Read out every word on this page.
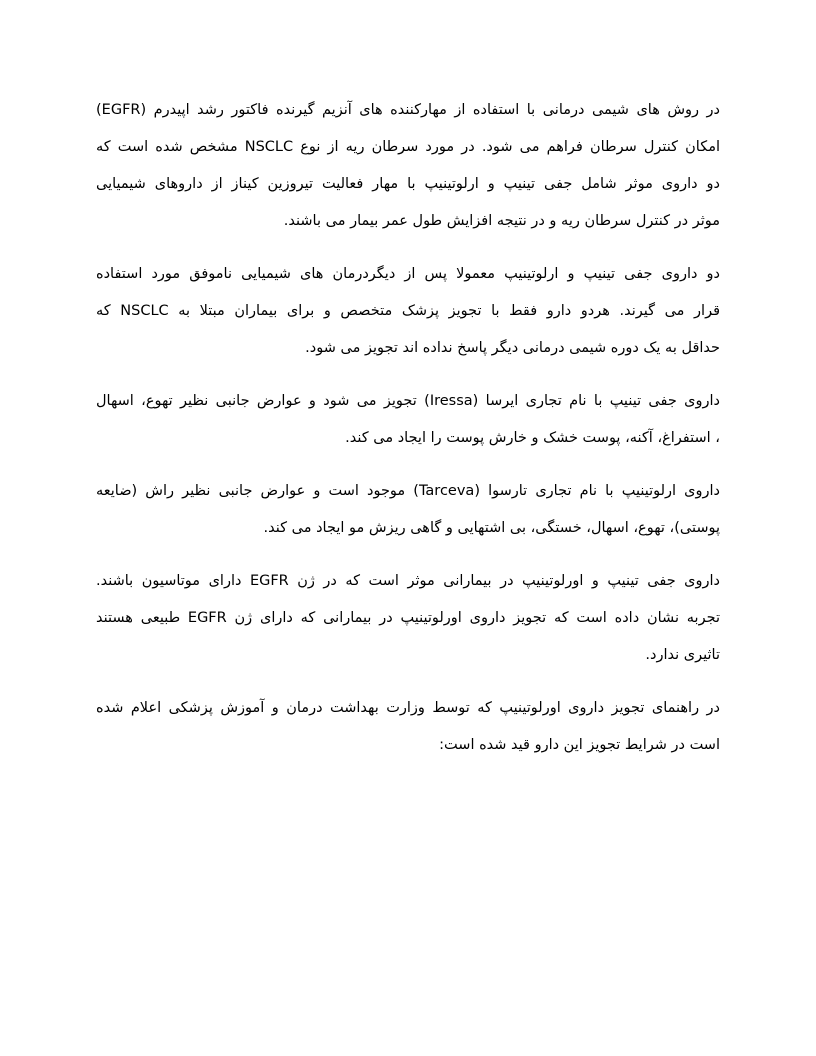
در روش های شیمی درمانی با استفاده از مهارکننده های آنزیم گیرنده فاکتور رشد اپیدرم (EGFR)
امکان کنترل سرطان فراهم می شود. در مورد سرطان ریه از نوع NSCLC مشخص شده است که
دو داروی موثر شامل جفی تینیپ و ارلوتینیپ با مهار فعالیت تیروزین کیناز از داروهای شیمیایی
موثر در کنترل سرطان ریه و در نتیجه افزایش طول عمر بیمار می باشند.

دو داروی جفی تینیپ و ارلوتینیپ معمولا پس از دیگردرمان های شیمیایی ناموفق مورد استفاده
قرار می گیرند. هردو دارو فقط با تجویز پزشک متخصص و برای بیماران مبتلا به NSCLC که
حداقل به یک دوره شیمی درمانی دیگر پاسخ نداده اند تجویز می شود.

داروی جفی تینیپ با نام تجاری ایرسا (Iressa) تجویز می شود و عوارض جانبی نظیر تهوع، اسهال
، استفراغ، آکنه، پوست خشک و خارش پوست را ایجاد می کند.

داروی ارلوتینیپ با نام تجاری تارسوا (Tarceva) موجود است و عوارض جانبی نظیر راش (ضایعه
پوستی)، تهوع، اسهال، خستگی، بی اشتهایی و گاهی ریزش مو ایجاد می کند.

داروی جفی تینیپ و اورلوتینیپ در بیمارانی موثر است که در ژن EGFR دارای موتاسیون باشند.
تجربه نشان داده است که تجویز داروی اورلوتینیپ در بیمارانی که دارای ژن EGFR طبیعی هستند
تاثیری ندارد.

در راهنمای تجویز داروی اورلوتینیپ که توسط وزارت بهداشت درمان و آموزش پزشکی اعلام شده
است در شرایط تجویز این دارو قید شده است:
